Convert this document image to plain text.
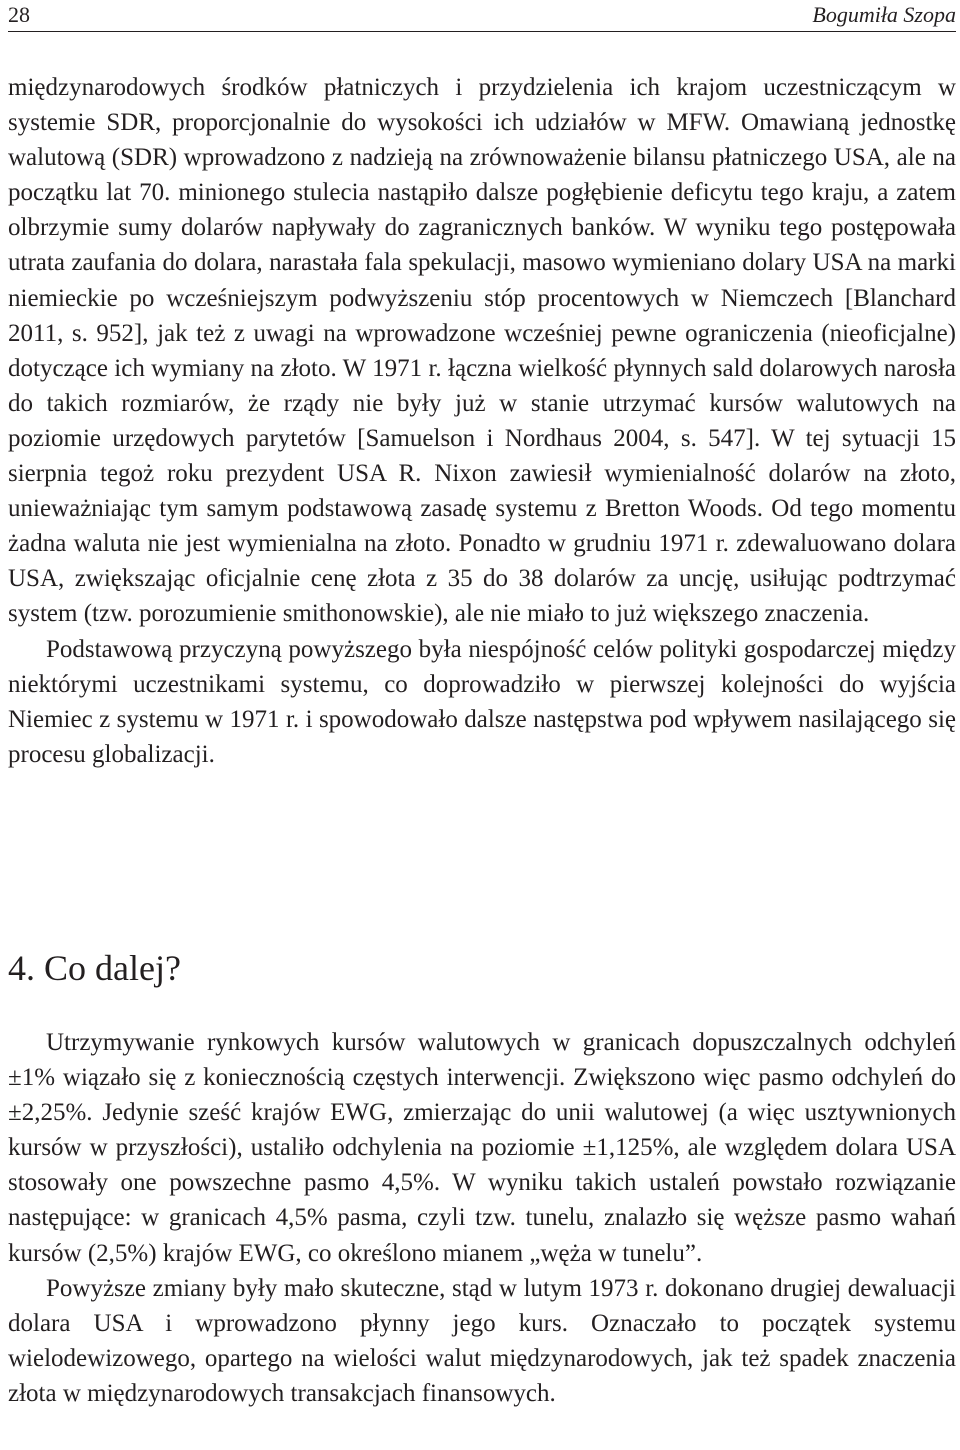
28	Bogumiła Szopa

międzynarodowych środków płatniczych i przydzielenia ich krajom uczestniczącym w systemie SDR, proporcjonalnie do wysokości ich udziałów w MFW. Omawianą jednostkę walutową (SDR) wprowadzono z nadzieją na zrównoważenie bilansu płatniczego USA, ale na początku lat 70. minionego stulecia nastąpiło dalsze pogłębienie deficytu tego kraju, a zatem olbrzymie sumy dolarów napływały do zagranicznych banków. W wyniku tego postępowała utrata zaufania do dolara, narastała fala spekulacji, masowo wymieniano dolary USA na marki niemieckie po wcześniejszym podwyższeniu stóp procentowych w Niemczech [Blanchard 2011, s. 952], jak też z uwagi na wprowadzone wcześniej pewne ograniczenia (nieoficjalne) dotyczące ich wymiany na złoto. W 1971 r. łączna wielkość płynnych sald dolarowych narosła do takich rozmiarów, że rządy nie były już w stanie utrzymać kursów walutowych na poziomie urzędowych parytetów [Samuelson i Nordhaus 2004, s. 547]. W tej sytuacji 15 sierpnia tegoż roku prezydent USA R. Nixon zawiesił wymienialność dolarów na złoto, unieważniając tym samym podstawową zasadę systemu z Bretton Woods. Od tego momentu żadna waluta nie jest wymienialna na złoto. Ponadto w grudniu 1971 r. zdewaluowano dolara USA, zwiększając oficjalnie cenę złota z 35 do 38 dolarów za uncję, usiłując podtrzymać system (tzw. porozumienie smithonowskie), ale nie miało to już większego znaczenia.

Podstawową przyczyną powyższego była niespójność celów polityki gospodarczej między niektórymi uczestnikami systemu, co doprowadziło w pierwszej kolejności do wyjścia Niemiec z systemu w 1971 r. i spowodowało dalsze następstwa pod wpływem nasilającego się procesu globalizacji.

4. Co dalej?

Utrzymywanie rynkowych kursów walutowych w granicach dopuszczalnych odchyleń ±1% wiązało się z koniecznością częstych interwencji. Zwiększono więc pasmo odchyleń do ±2,25%. Jedynie sześć krajów EWG, zmierzając do unii walutowej (a więc usztywnionych kursów w przyszłości), ustaliło odchylenia na poziomie ±1,125%, ale względem dolara USA stosowały one powszechne pasmo 4,5%. W wyniku takich ustaleń powstało rozwiązanie następujące: w granicach 4,5% pasma, czyli tzw. tunelu, znalazło się węższe pasmo wahań kursów (2,5%) krajów EWG, co określono mianem „węża w tunelu”.

Powyższe zmiany były mało skuteczne, stąd w lutym 1973 r. dokonano drugiej dewaluacji dolara USA i wprowadzono płynny jego kurs. Oznaczało to początek systemu wielodewizowego, opartego na wielości walut międzynarodowych, jak też spadek znaczenia złota w międzynarodowych transakcjach finansowych.
